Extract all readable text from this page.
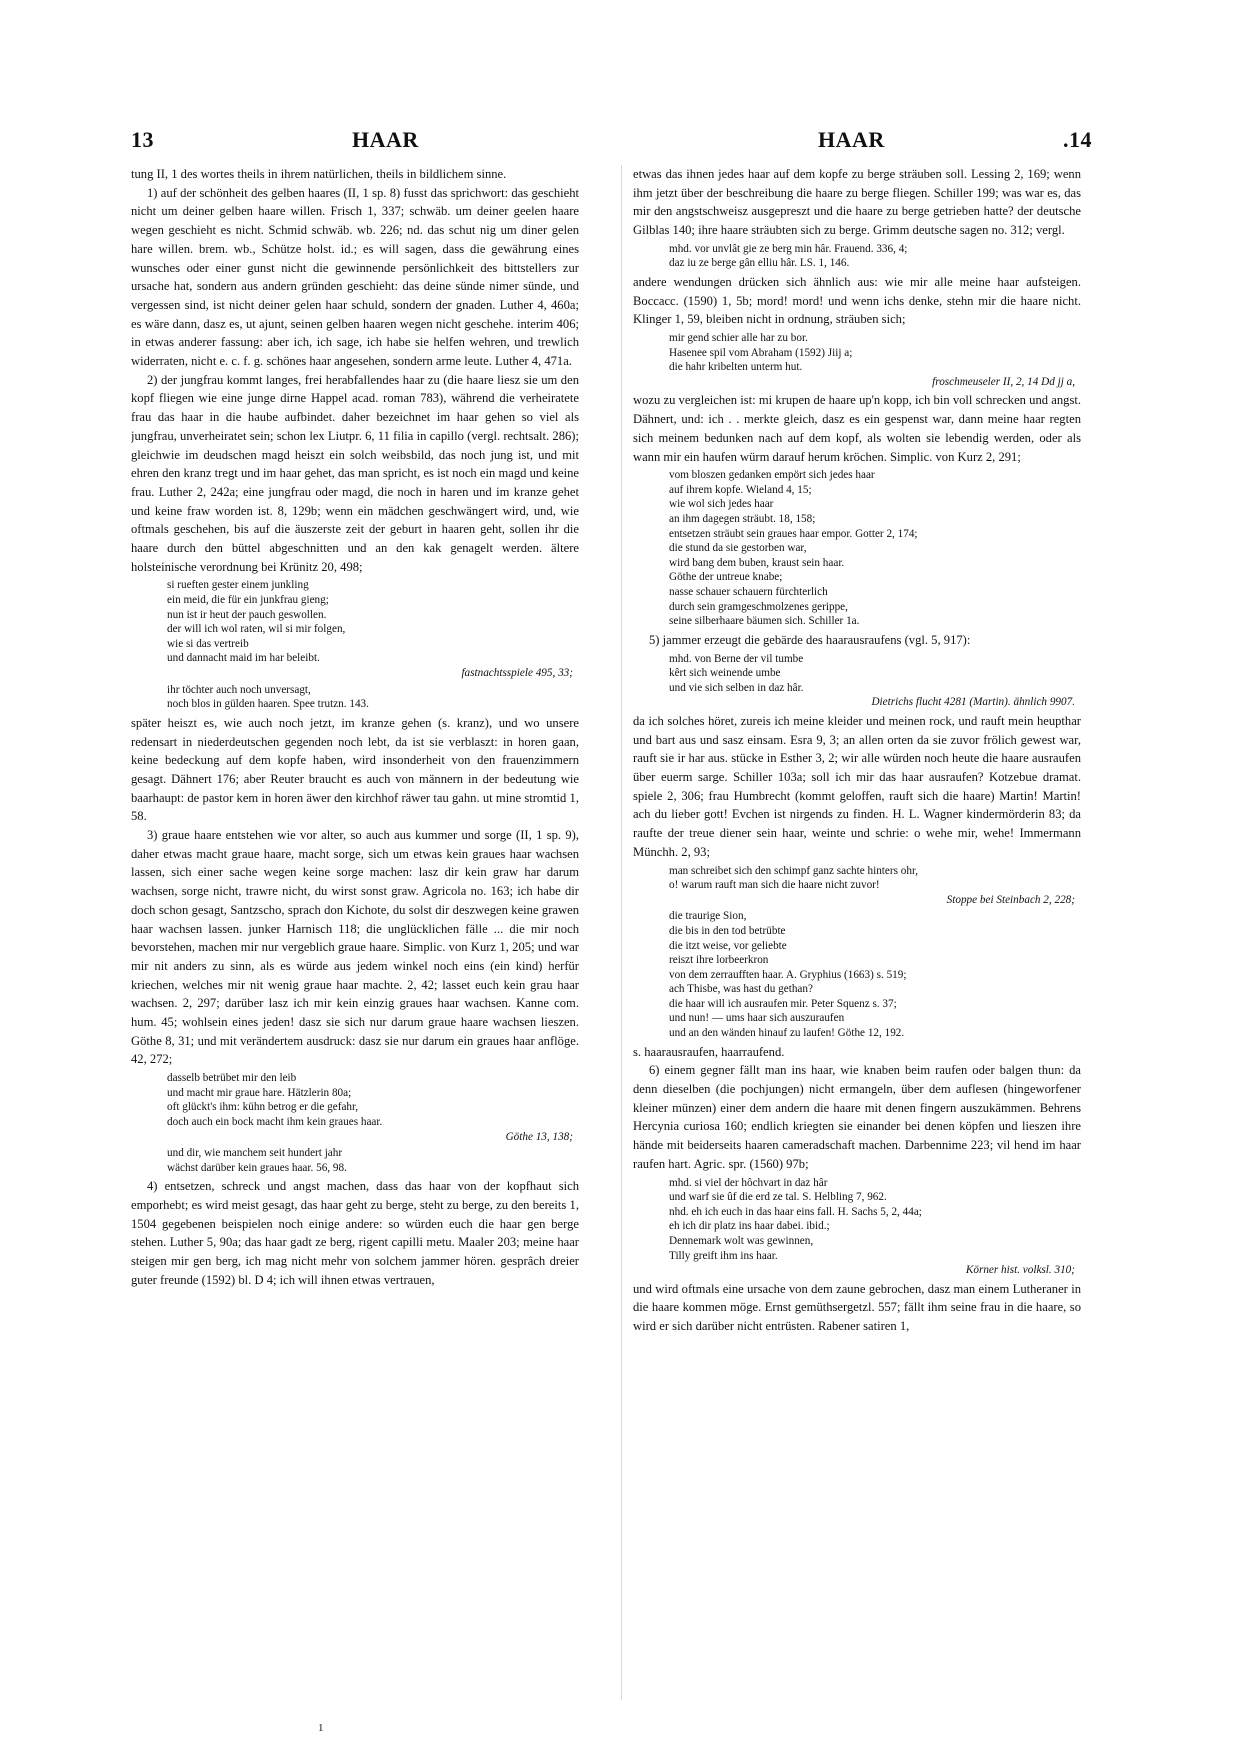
13	HAAR	HAAR	.14

tung II, 1 des wortes theils in ihrem natürlichen, theils in bildlichem sinne.

1) auf der schönheit des gelben haares (II, 1 sp. 8) fusst das sprichwort: das geschieht nicht um deiner gelben haare willen. Frisch 1, 337; schwäb. um deiner geelen haare wegen geschieht es nicht. Schmid schwäb. wb. 226; nd. das schut nig um diner gelen hare willen. brem. wb., Schütze holst. id.; es will sagen, dass die gewährung eines wunsches oder einer gunst nicht die gewinnende persönlichkeit des bittstellers zur ursache hat, sondern aus andern gründen geschieht: das deine sünde nimer sünde, und vergessen sind, ist nicht deiner gelen haar schuld, sondern der gnaden. Luther 4, 460a; es wäre dann, dasz es, ut ajunt, seinen gelben haaren wegen nicht geschehe. interim 406; in etwas anderer fassung: aber ich, ich sage, ich habe sie helfen wehren, und trewlich widerraten, nicht e. c. f. g. schönes haar angesehen, sondern arme leute. Luther 4, 471a.

2) der jungfrau kommt langes, frei herabfallendes haar zu (die haare liesz sie um den kopf fliegen wie eine junge dirne Happel acad. roman 783), während die verheiratete frau das haar in die haube aufbindet. daher bezeichnet im haar gehen so viel als jungfrau, unverheiratet sein; schon lex Liutpr. 6, 11 filia in capillo (vergl. rechtsalt. 286); gleichwie im deudschen magd heiszt ein solch weibsbild, das noch jung ist, und mit ehren den kranz tregt und im haar gehet, das man spricht, es ist noch ein magd und keine frau. Luther 2, 242a; eine jungfrau oder magd, die noch in haren und im kranze gehet und keine fraw worden ist. 8, 129b; wenn ein mädchen geschwängert wird, und, wie oftmals geschehen, bis auf die äuszerste zeit der geburt in haaren geht, sollen ihr die haare durch den büttel abgeschnitten und an den kak genagelt werden. ältere holsteinische verordnung bei Krünitz 20, 498;

si rueften gester einem junkling
ein meid, die für ein junkfrau gieng;
nun ist ir heut der pauch geswollen.
der will ich wol raten, wil si mir folgen,
wie si das vertreib
und dannacht maid im har beleibt.
fastnachtsspiele 495, 33;
ihr töchter auch noch unversagt,
noch blos in gülden haaren. Spee trutzn. 143.

später heiszt es, wie auch noch jetzt, im kranze gehen (s. kranz), und wo unsere redensart in niederdeutschen gegenden noch lebt, da ist sie verblaszt: in horen gaan, keine bedeckung auf dem kopfe haben, wird insonderheit von den frauenzimmern gesagt. Dähnert 176; aber Reuter braucht es auch von männern in der bedeutung wie baarhaupt: de pastor kem in horen äwer den kirchhof räwer tau gahn. ut mine stromtid 1, 58.

3) graue haare entstehen wie vor alter, so auch aus kummer und sorge (II, 1 sp. 9), daher etwas macht graue haare, macht sorge, sich um etwas kein graues haar wachsen lassen, sich einer sache wegen keine sorge machen: lasz dir kein graw har darum wachsen, sorge nicht, trawre nicht, du wirst sonst graw. Agricola no. 163; ich habe dir doch schon gesagt, Santzscho, sprach don Kichote, du solst dir deszwegen keine grawen haar wachsen lassen. junker Harnisch 118; die unglücklichen fälle ... die mir noch bevorstehen, machen mir nur vergeblich graue haare. Simplic. von Kurz 1, 205; und war mir nit anders zu sinn, als es würde aus jedem winkel noch eins (ein kind) herfür kriechen, welches mir nit wenig graue haar machte. 2, 42; lasset euch kein grau haar wachsen. 2, 297; darüber lasz ich mir kein einzig graues haar wachsen. Kanne com. hum. 45; wohlsein eines jeden! dasz sie sich nur darum graue haare wachsen lieszen. Göthe 8, 31; und mit verändertem ausdruck: dasz sie nur darum ein graues haar anflöge. 42, 272;

dasselb betrübet mir den leib
und macht mir graue hare. Hätzlerin 80a;
oft glückt's ihm: kühn betrog er die gefahr,
doch auch ein bock macht ihm kein graues haar.
Göthe 13, 138;
und dir, wie manchem seit hundert jahr
wächst darüber kein graues haar. 56, 98.

4) entsetzen, schreck und angst machen, dass das haar von der kopfhaut sich emporhebt; es wird meist gesagt, das haar geht zu berge, steht zu berge, zu den bereits 1, 1504 gegebenen beispielen noch einige andere: so würden euch die haar gen berge stehen. Luther 5, 90a; das haar gadt ze berg, rigent capilli metu. Maaler 203; meine haar steigen mir gen berg, ich mag nicht mehr von solchem jammer hören. gesprâch dreier guter freunde (1592) bl. D 4; ich will ihnen etwas vertrauen,

etwas das ihnen jedes haar auf dem kopfe zu berge sträuben soll. Lessing 2, 169; wenn ihm jetzt über der beschreibung die haare zu berge fliegen. Schiller 199; was war es, das mir den angstschweisz ausgepreszt und die haare zu berge getrieben hatte? der deutsche Gilblas 140; ihre haare sträubten sich zu berge. Grimm deutsche sagen no. 312; vergl.

mhd. vor unvlât gie ze berg min hâr. Frauend. 336, 4;
daz iu ze berge gân elliu hâr. LS. 1, 146.

andere wendungen drücken sich ähnlich aus: wie mir alle meine haar aufsteigen. Boccacc. (1590) 1, 5b; mord! mord! und wenn ichs denke, stehn mir die haare nicht. Klinger 1, 59, bleiben nicht in ordnung, sträuben sich;

mir gend schier alle har zu bor.
Hasenee spil vom Abraham (1592) Jiij a;
die hahr kribelten unterm hut.
froschmeuseler II, 2, 14 Dd jj a,

wozu zu vergleichen ist: mi krupen de haare up'n kopp, ich bin voll schrecken und angst. Dähnert, und: ich . . merkte gleich, dasz es ein gespenst war, dann meine haar regten sich meinem bedunken nach auf dem kopf, als wolten sie lebendig werden, oder als wann mir ein haufen würm darauf herum kröchen. Simplic. von Kurz 2, 291;

vom bloszen gedanken empört sich jedes haar
auf ihrem kopfe. Wieland 4, 15;
wie wol sich jedes haar
an ihm dagegen sträubt. 18, 158;
entsetzen sträubt sein graues haar empor. Gotter 2, 174;
die stund da sie gestorben war,
wird bang dem buben, kraust sein haar.
Göthe der untreue knabe;
nasse schauer schauern fürchterlich
durch sein gramgeschmolzenes gerippe,
seine silberhaare bäumen sich. Schiller 1a.

5) jammer erzeugt die gebärde des haarausraufens (vgl. 5, 917):

mhd. von Berne der vil tumbe
kêrt sich weinende umbe
und vie sich selben in daz hâr.
Dietrichs flucht 4281 (Martin). ähnlich 9907.

da ich solches höret, zureis ich meine kleider und meinen rock, und rauft mein heupthar und bart aus und sasz einsam. Esra 9, 3; an allen orten da sie zuvor frölich gewest war, rauft sie ir har aus. stücke in Esther 3, 2; wir alle würden noch heute die haare ausraufen über euerm sarge. Schiller 103a; soll ich mir das haar ausraufen? Kotzebue dramat. spiele 2, 306; frau Humbrecht (kommt geloffen, rauft sich die haare) Martin! Martin! ach du lieber gott! Evchen ist nirgends zu finden. H. L. Wagner kindermörderin 83; da raufte der treue diener sein haar, weinte und schrie: o wehe mir, wehe! Immermann Münchh. 2, 93;

man schreibet sich den schimpf ganz sachte hinters ohr,
o! warum rauft man sich die haare nicht zuvor!
Stoppe bei Steinbach 2, 228;
die traurige Sion,
die bis in den tod betrübte
die itzt weise, vor geliebte
reiszt ihre lorbeerkron
von dem zerraufften haar. A. Gryphius (1663) s. 519;
ach Thisbe, was hast du gethan?
die haar will ich ausraufen mir. Peter Squenz s. 37;
und nun! — ums haar sich auszuraufen
und an den wänden hinauf zu laufen! Göthe 12, 192.

s. haarausraufen, haarraufend.

6) einem gegner fällt man ins haar, wie knaben beim raufen oder balgen thun: da denn dieselben (die pochjungen) nicht ermangeln, über dem auflesen (hingeworfener kleiner münzen) einer dem andern die haare mit denen fingern auszukämmen. Behrens Hercynia curiosa 160; endlich kriegten sie einander bei denen köpfen und lieszen ihre hände mit beiderseits haaren cameradschaft machen. Darbennime 223; vil hend im haar raufen hart. Agric. spr. (1560) 97b;

mhd. si viel der hôchvart in daz hâr
und warf sie ûf die erd ze tal. S. Helbling 7, 962.
nhd. eh ich euch in das haar eins fall. H. Sachs 5, 2, 44a;
eh ich dir platz ins haar dabei. ibid.;
Dennemark wolt was gewinnen,
Tilly greift ihm ins haar.
Körner hist. volksl. 310;

und wird oftmals eine ursache von dem zaune gebrochen, dasz man einem Lutheraner in die haare kommen möge. Ernst gemüthsergetzl. 557; fällt ihm seine frau in die haare, so wird er sich darüber nicht entrüsten. Rabener satiren 1,

1
